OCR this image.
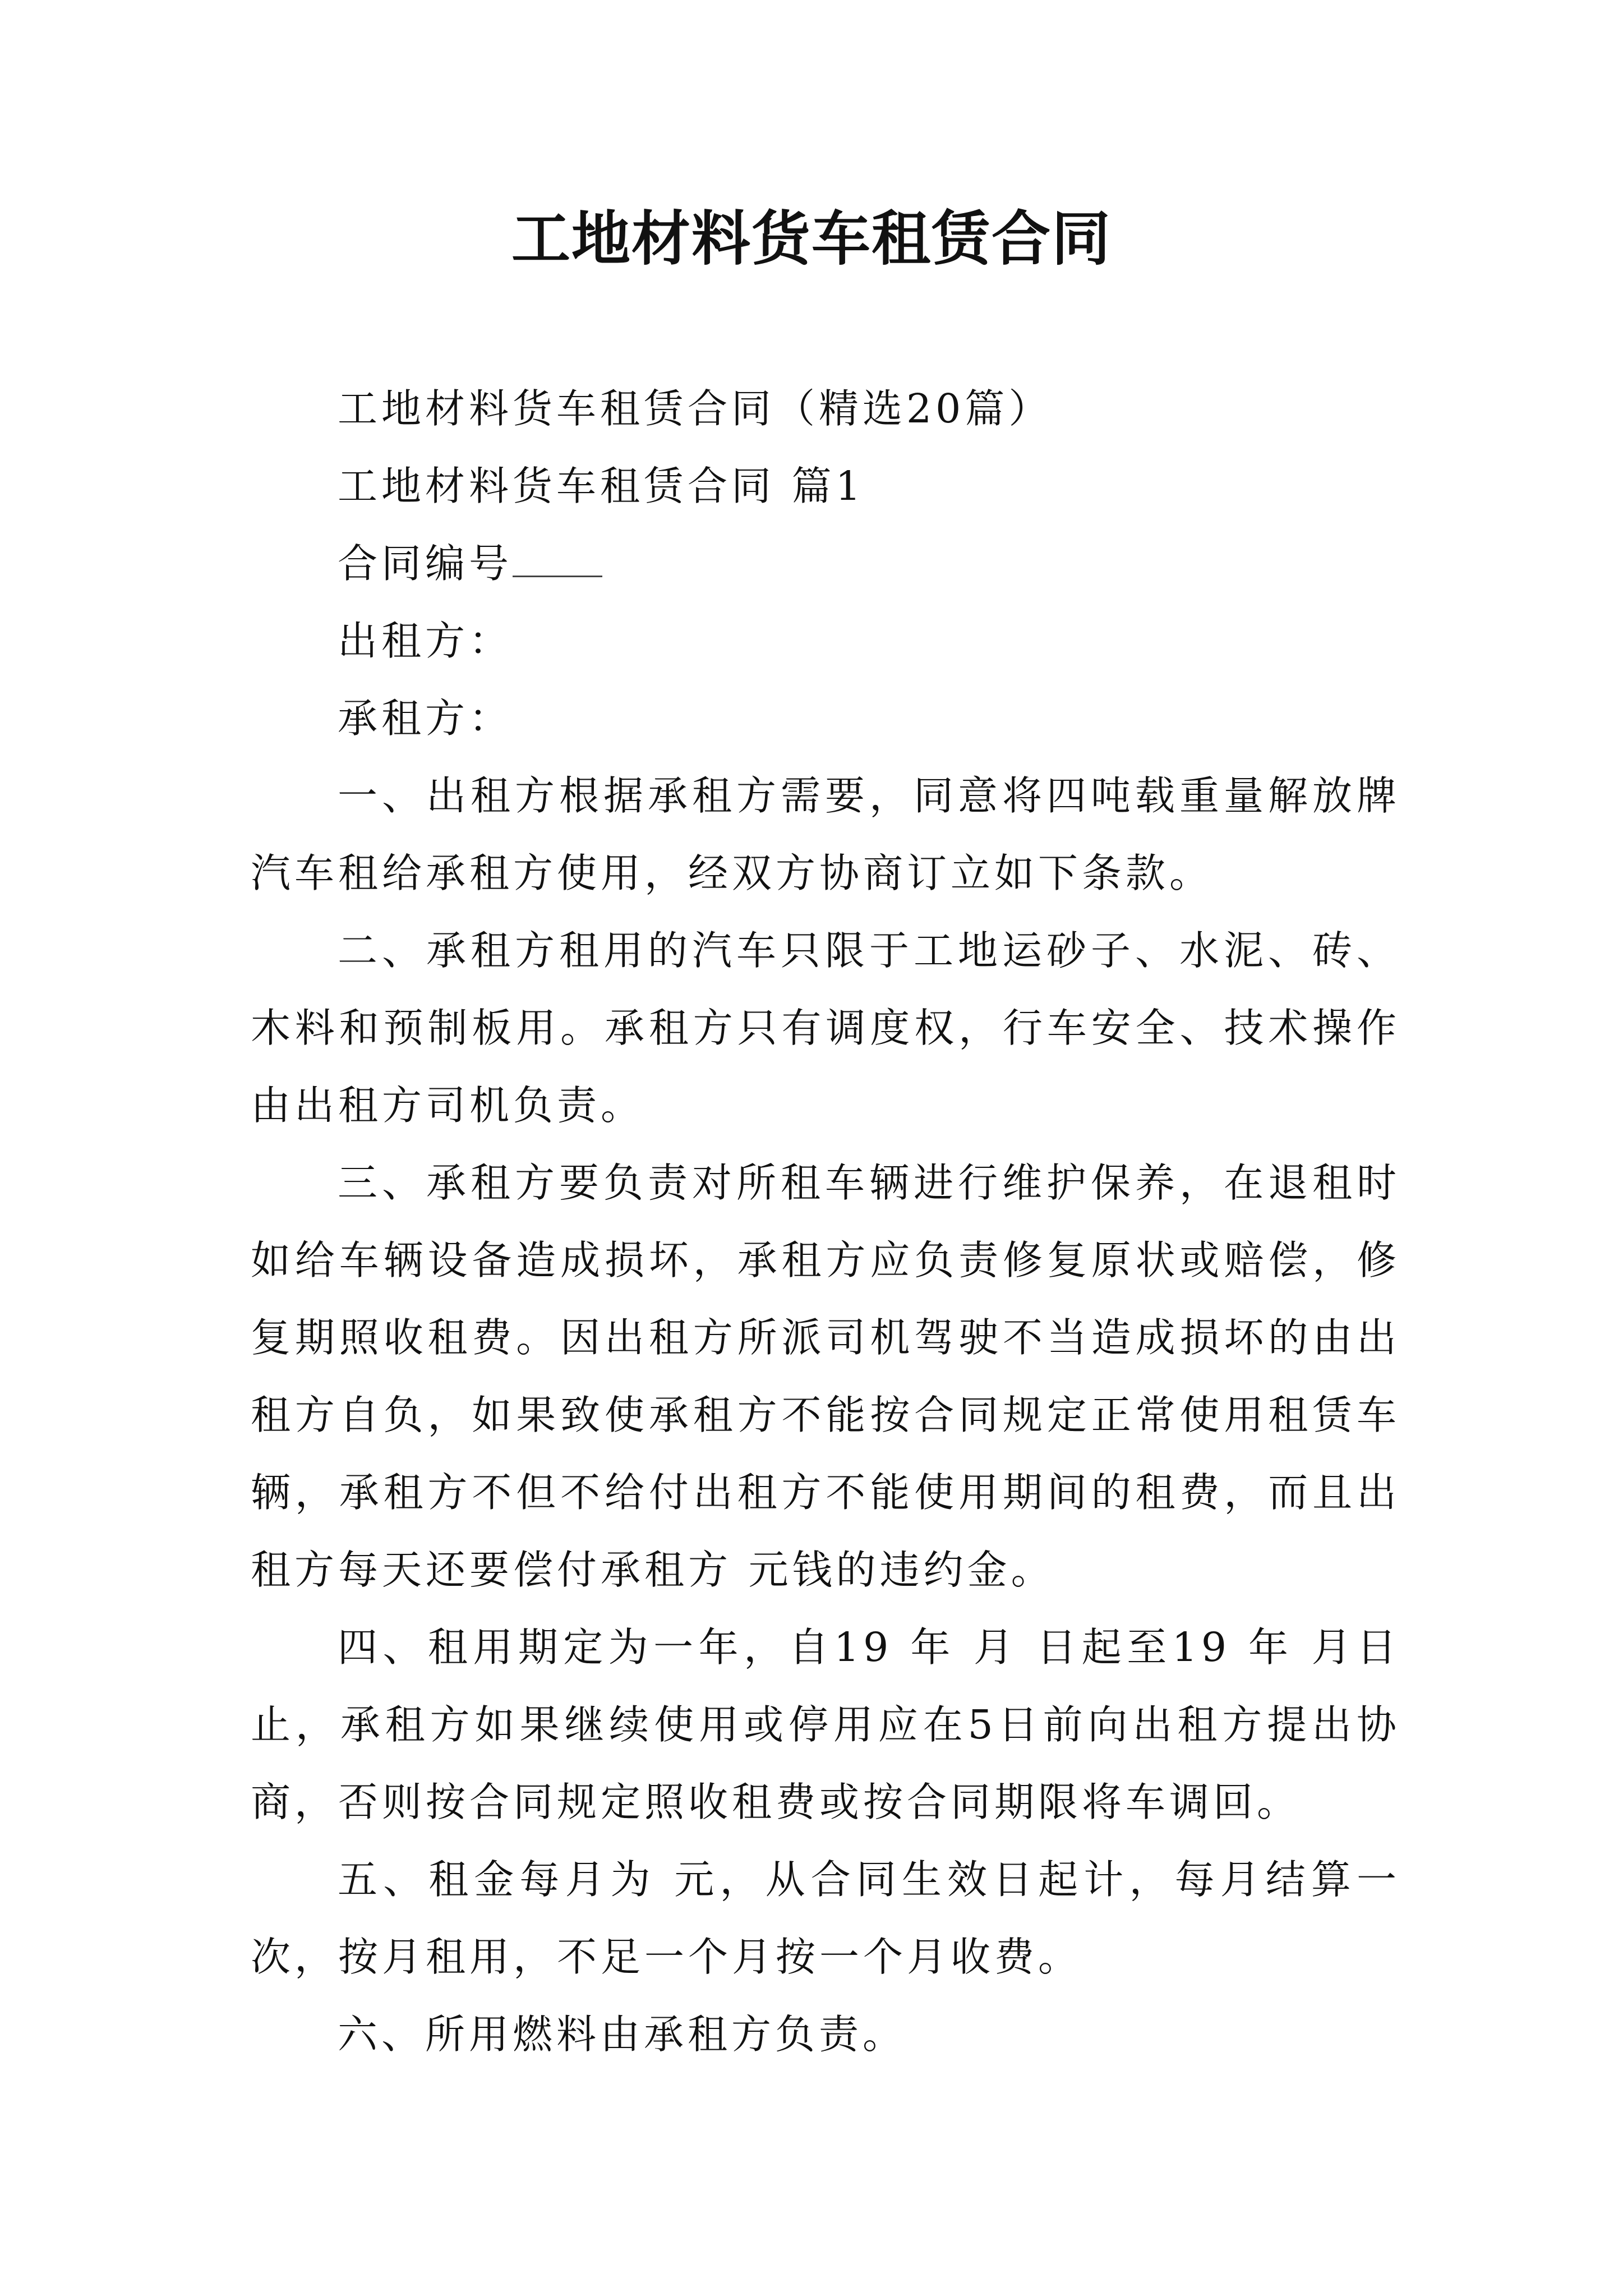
工地材料货车租赁合同

工地材料货车租赁合同（精选20篇）

工地材料货车租赁合同 篇1

合同编号

出租方：

承租方：

一、出租方根据承租方需要，同意将四吨载重量解放牌汽车租给承租方使用，经双方协商订立如下条款。

二、承租方租用的汽车只限于工地运砂子、水泥、砖、木料和预制板用。承租方只有调度权，行车安全、技术操作由出租方司机负责。

三、承租方要负责对所租车辆进行维护保养，在退租时如给车辆设备造成损坏，承租方应负责修复原状或赔偿，修复期照收租费。因出租方所派司机驾驶不当造成损坏的由出租方自负，如果致使承租方不能按合同规定正常使用租赁车辆，承租方不但不给付出租方不能使用期间的租费，而且出租方每天还要偿付承租方 元钱的违约金。

四、租用期定为一年，自19 年 月 日起至19 年 月日止，承租方如果继续使用或停用应在5日前向出租方提出协商，否则按合同规定照收租费或按合同期限将车调回。

五、租金每月为 元，从合同生效日起计，每月结算一次，按月租用，不足一个月按一个月收费。

六、所用燃料由承租方负责。
